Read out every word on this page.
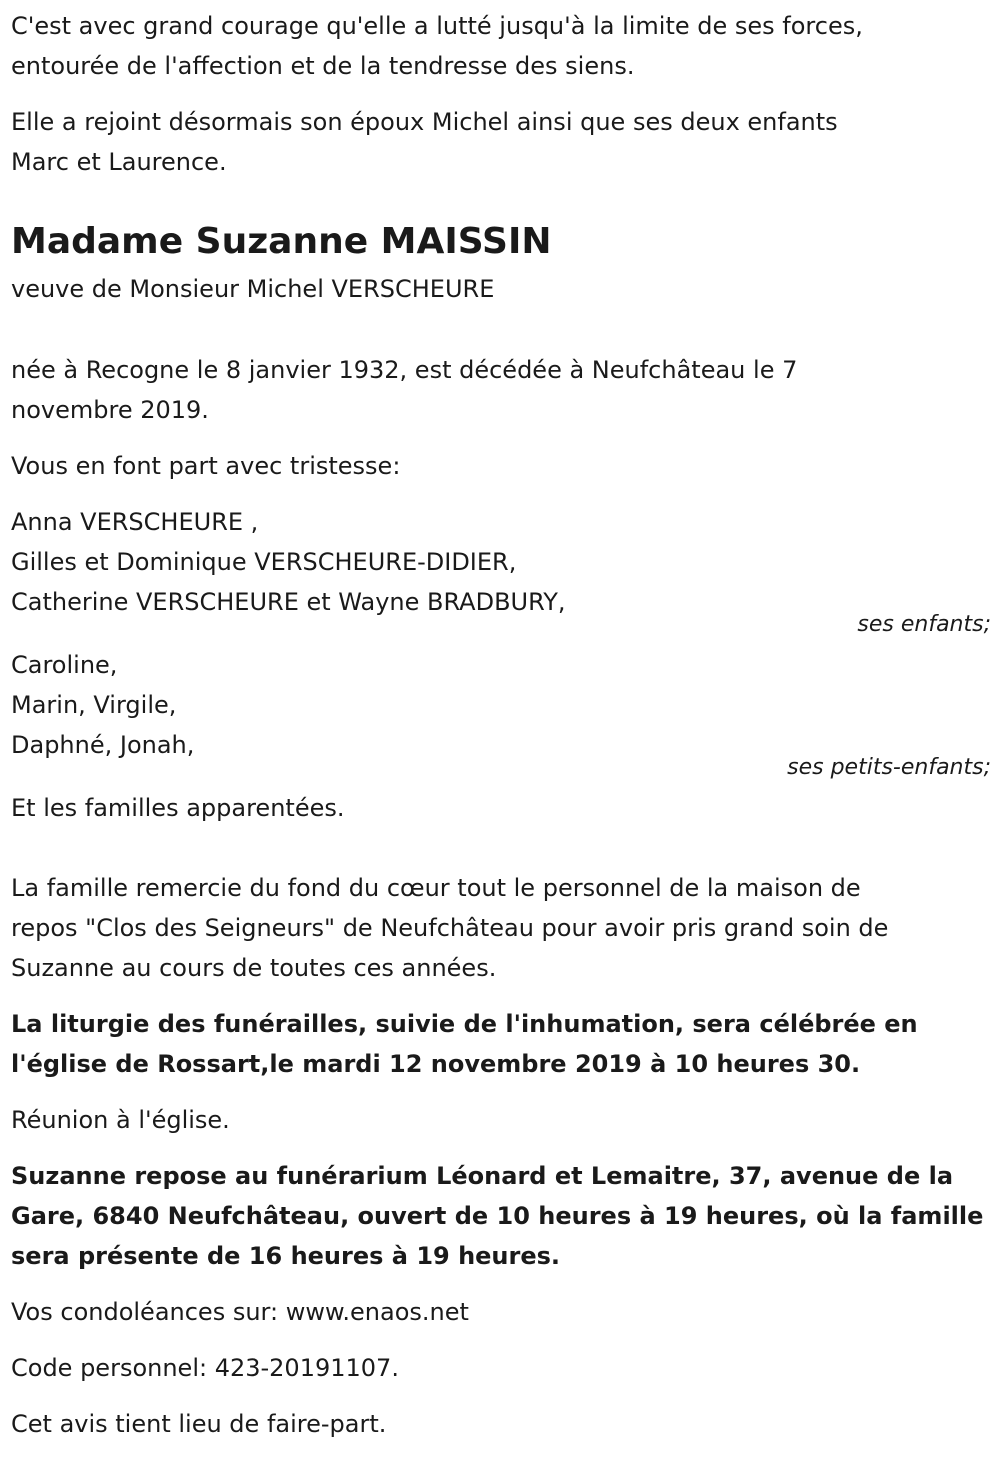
C'est avec grand courage qu'elle a lutté jusqu'à la limite de ses forces,
entourée de l'affection et de la tendresse des siens.
Elle a rejoint désormais son époux Michel ainsi que ses deux enfants
Marc et Laurence.
Madame Suzanne MAISSIN
veuve de Monsieur Michel VERSCHEURE
née à Recogne le 8 janvier 1932, est décédée à Neufchâteau le 7
novembre 2019.
Vous en font part avec tristesse:
Anna VERSCHEURE ,
Gilles et Dominique VERSCHEURE-DIDIER,
Catherine VERSCHEURE et Wayne BRADBURY,
ses enfants;
Caroline,
Marin, Virgile,
Daphné, Jonah,
ses petits-enfants;
Et les familles apparentées.
La famille remercie du fond du cœur tout le personnel de la maison de
repos "Clos des Seigneurs" de Neufchâteau pour avoir pris grand soin de
Suzanne au cours de toutes ces années.
La liturgie des funérailles, suivie de l'inhumation, sera célébrée en
l'église de Rossart,le mardi 12 novembre 2019 à 10 heures 30.
Réunion à l'église.
Suzanne repose au funérarium Léonard et Lemaitre, 37, avenue de la
Gare, 6840 Neufchâteau, ouvert de 10 heures à 19 heures, où la famille
sera présente de 16 heures à 19 heures.
Vos condoléances sur: www.enaos.net
Code personnel: 423-20191107.
Cet avis tient lieu de faire-part.
